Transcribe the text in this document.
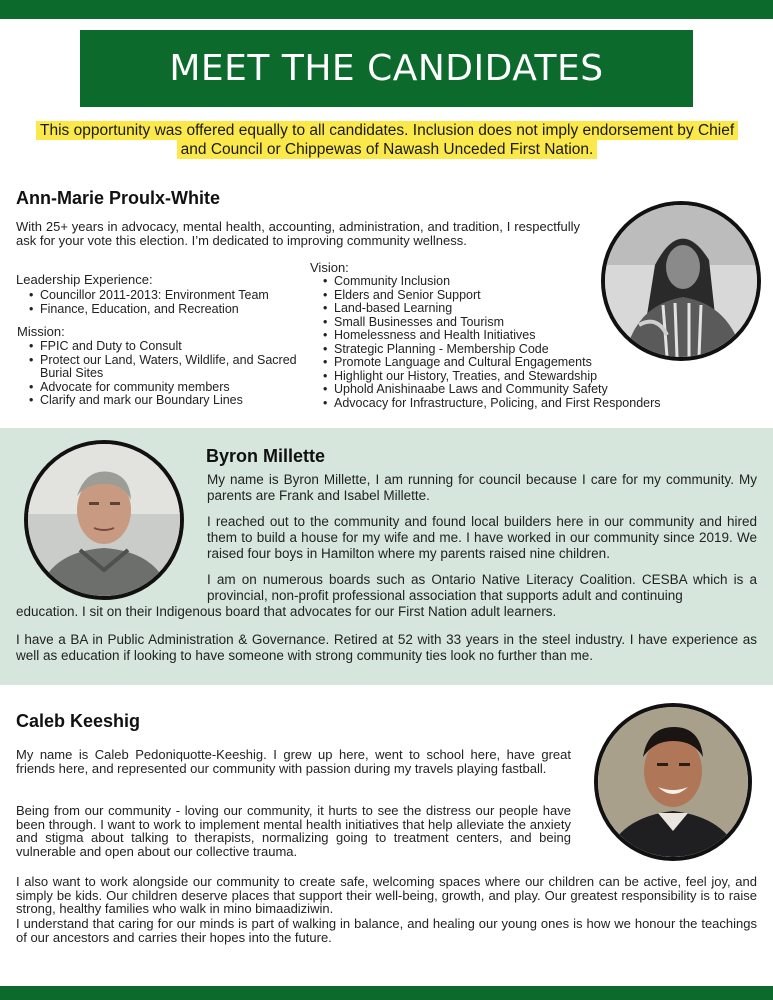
MEET THE CANDIDATES
This opportunity was offered equally to all candidates. Inclusion does not imply endorsement by Chief and Council or Chippewas of Nawash Unceded First Nation.
Ann-Marie Proulx-White
With 25+ years in advocacy, mental health, accounting, administration, and tradition, I respectfully ask for your vote this election. I’m dedicated to improving community wellness.
Leadership Experience:
• Councillor 2011-2013: Environment Team
• Finance, Education, and Recreation
Mission:
• FPIC and Duty to Consult
• Protect our Land, Waters, Wildlife, and Sacred Burial Sites
• Advocate for community members
• Clarify and mark our Boundary Lines
Vision:
• Community Inclusion
• Elders and Senior Support
• Land-based Learning
• Small Businesses and Tourism
• Homelessness and Health Initiatives
• Strategic Planning - Membership Code
• Promote Language and Cultural Engagements
• Highlight our History, Treaties, and Stewardship
• Uphold Anishinaabe Laws and Community Safety
• Advocacy for Infrastructure, Policing, and First Responders
Byron Millette
My name is Byron Millette, I am running for council because I care for my community. My parents are Frank and Isabel Millette.
I reached out to the community and found local builders here in our community and hired them to build a house for my wife and me. I have worked in our community since 2019. We raised four boys in Hamilton where my parents raised nine children.
I am on numerous boards such as Ontario Native Literacy Coalition. CESBA which is a provincial, non-profit professional association that supports adult and continuing
education. I sit on their Indigenous board that advocates for our First Nation adult learners.
I have a BA in Public Administration & Governance. Retired at 52 with 33 years in the steel industry. I have experience as well as education if looking to have someone with strong community ties look no further than me.
Caleb Keeshig
My name is Caleb Pedoniquotte-Keeshig. I grew up here, went to school here, have great friends here, and represented our community with passion during my travels playing fastball.
Being from our community - loving our community, it hurts to see the distress our people have been through. I want to work to implement mental health initiatives that help alleviate the anxiety and stigma about talking to therapists, normalizing going to treatment centers, and being vulnerable and open about our collective trauma.
I also want to work alongside our community to create safe, welcoming spaces where our children can be active, feel joy, and simply be kids. Our children deserve places that support their well-being, growth, and play. Our greatest responsibility is to raise strong, healthy families who walk in mino bimaadiziwin.
I understand that caring for our minds is part of walking in balance, and healing our young ones is how we honour the teachings of our ancestors and carries their hopes into the future.
